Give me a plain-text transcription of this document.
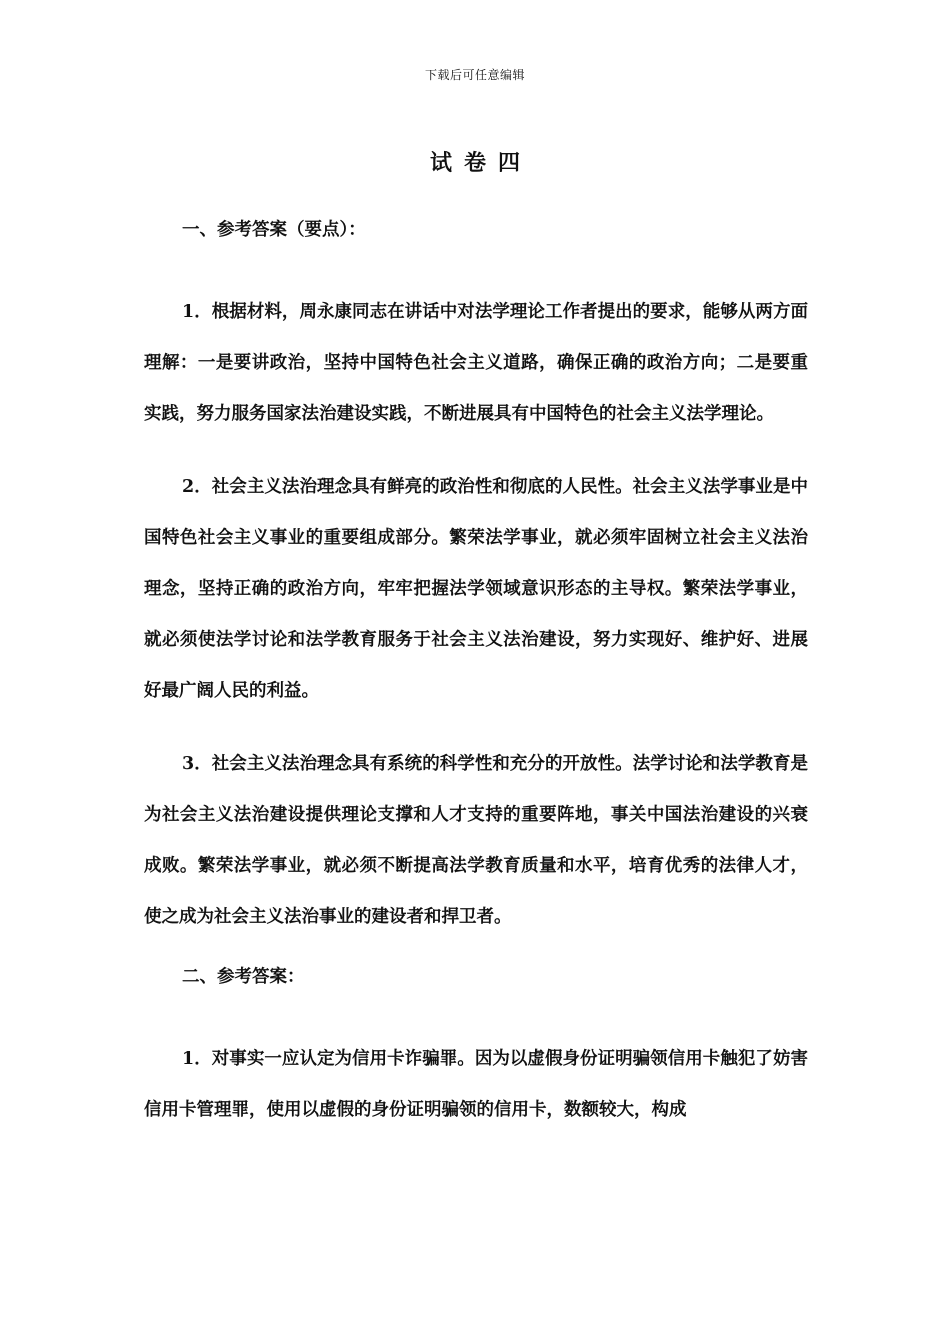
下载后可任意编辑
试卷四
一、参考答案（要点）：

1．根据材料，周永康同志在讲话中对法学理论工作者提出的要求，能够从两方面理解：一是要讲政治，坚持中国特色社会主义道路，确保正确的政治方向；二是要重实践，努力服务国家法治建设实践，不断进展具有中国特色的社会主义法学理论。

2．社会主义法治理念具有鲜亮的政治性和彻底的人民性。社会主义法学事业是中国特色社会主义事业的重要组成部分。繁荣法学事业，就必须牢固树立社会主义法治理念，坚持正确的政治方向，牢牢把握法学领域意识形态的主导权。繁荣法学事业，就必须使法学讨论和法学教育服务于社会主义法治建设，努力实现好、维护好、进展好最广阔人民的利益。

3．社会主义法治理念具有系统的科学性和充分的开放性。法学讨论和法学教育是为社会主义法治建设提供理论支撑和人才支持的重要阵地，事关中国法治建设的兴衰成败。繁荣法学事业，就必须不断提高法学教育质量和水平，培育优秀的法律人才，使之成为社会主义法治事业的建设者和捍卫者。

二、参考答案：

1．对事实一应认定为信用卡诈骗罪。因为以虚假身份证明骗领信用卡触犯了妨害信用卡管理罪，使用以虚假的身份证明骗领的信用卡，数额较大，构成
